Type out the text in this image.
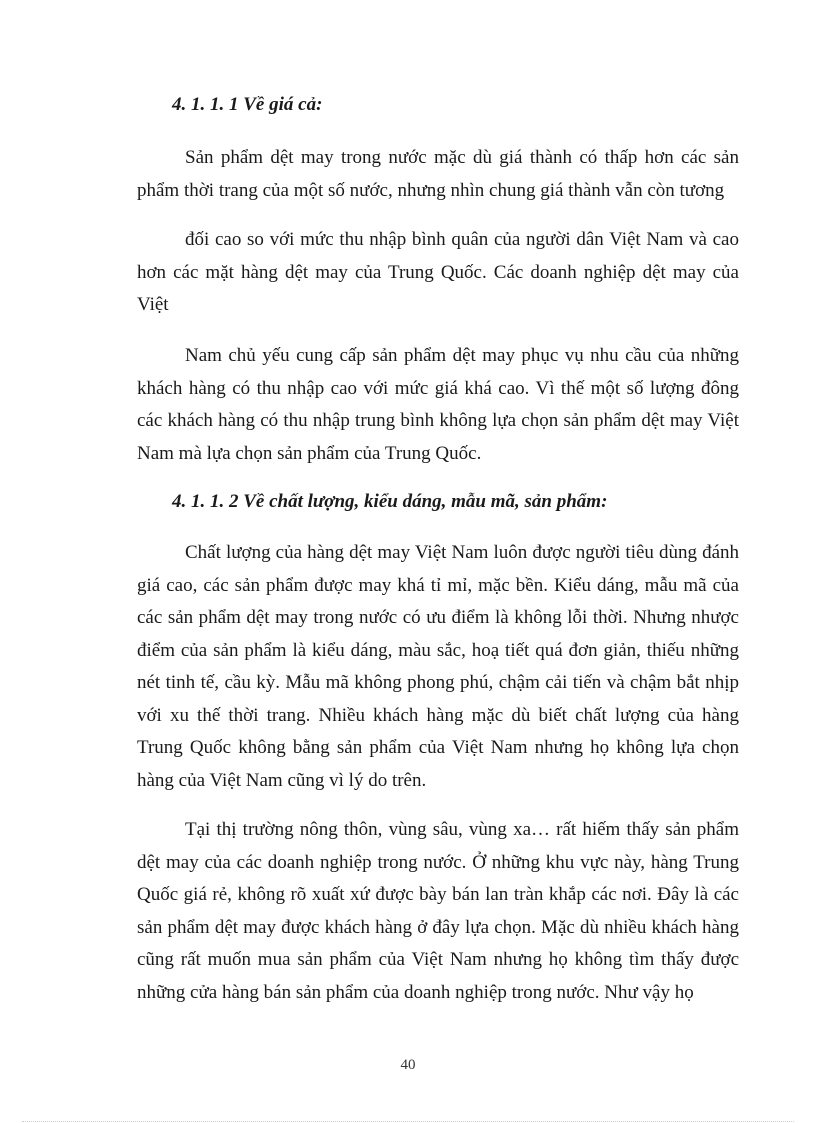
4. 1. 1. 1 Về giá cả:

Sản phẩm dệt may trong nước mặc dù giá thành có thấp hơn các sản phẩm thời trang của một số nước, nhưng nhìn chung giá thành vẫn còn tương

đối cao so với mức thu nhập bình quân của người dân Việt Nam và cao hơn các mặt hàng dệt may của Trung Quốc. Các doanh nghiệp dệt may của Việt

Nam chủ yếu cung cấp sản phẩm dệt may phục vụ nhu cầu của những khách hàng có thu nhập cao với mức giá khá cao. Vì thế một số lượng đông các khách hàng có thu nhập trung bình không lựa chọn sản phẩm dệt may Việt Nam mà lựa chọn sản phẩm của Trung Quốc.

4. 1. 1. 2 Về chất lượng, kiểu dáng, mẫu mã, sản phẩm:

Chất lượng của hàng dệt may Việt Nam luôn được người tiêu dùng đánh giá cao, các sản phẩm được may khá tỉ mỉ, mặc bền. Kiểu dáng, mẫu mã của các sản phẩm dệt may trong nước có ưu điểm là không lỗi thời. Nhưng nhược điểm của sản phẩm là kiểu dáng, màu sắc, hoạ tiết quá đơn giản, thiếu những nét tinh tế, cầu kỳ. Mẫu mã không phong phú, chậm cải tiến và chậm bắt nhịp với xu thế thời trang. Nhiều khách hàng mặc dù biết chất lượng của hàng Trung Quốc không bằng sản phẩm của Việt Nam nhưng họ không lựa chọn hàng của Việt Nam cũng vì lý do trên.

Tại thị trường nông thôn, vùng sâu, vùng xa… rất hiếm thấy sản phẩm dệt may của các doanh nghiệp trong nước. Ở những khu vực này, hàng Trung Quốc giá rẻ, không rõ xuất xứ được bày bán lan tràn khắp các nơi. Đây là các sản phẩm dệt may được khách hàng ở đây lựa chọn. Mặc dù nhiều khách hàng cũng rất muốn mua sản phẩm của Việt Nam nhưng họ không tìm thấy được những cửa hàng bán sản phẩm của doanh nghiệp trong nước. Như vậy họ

40
